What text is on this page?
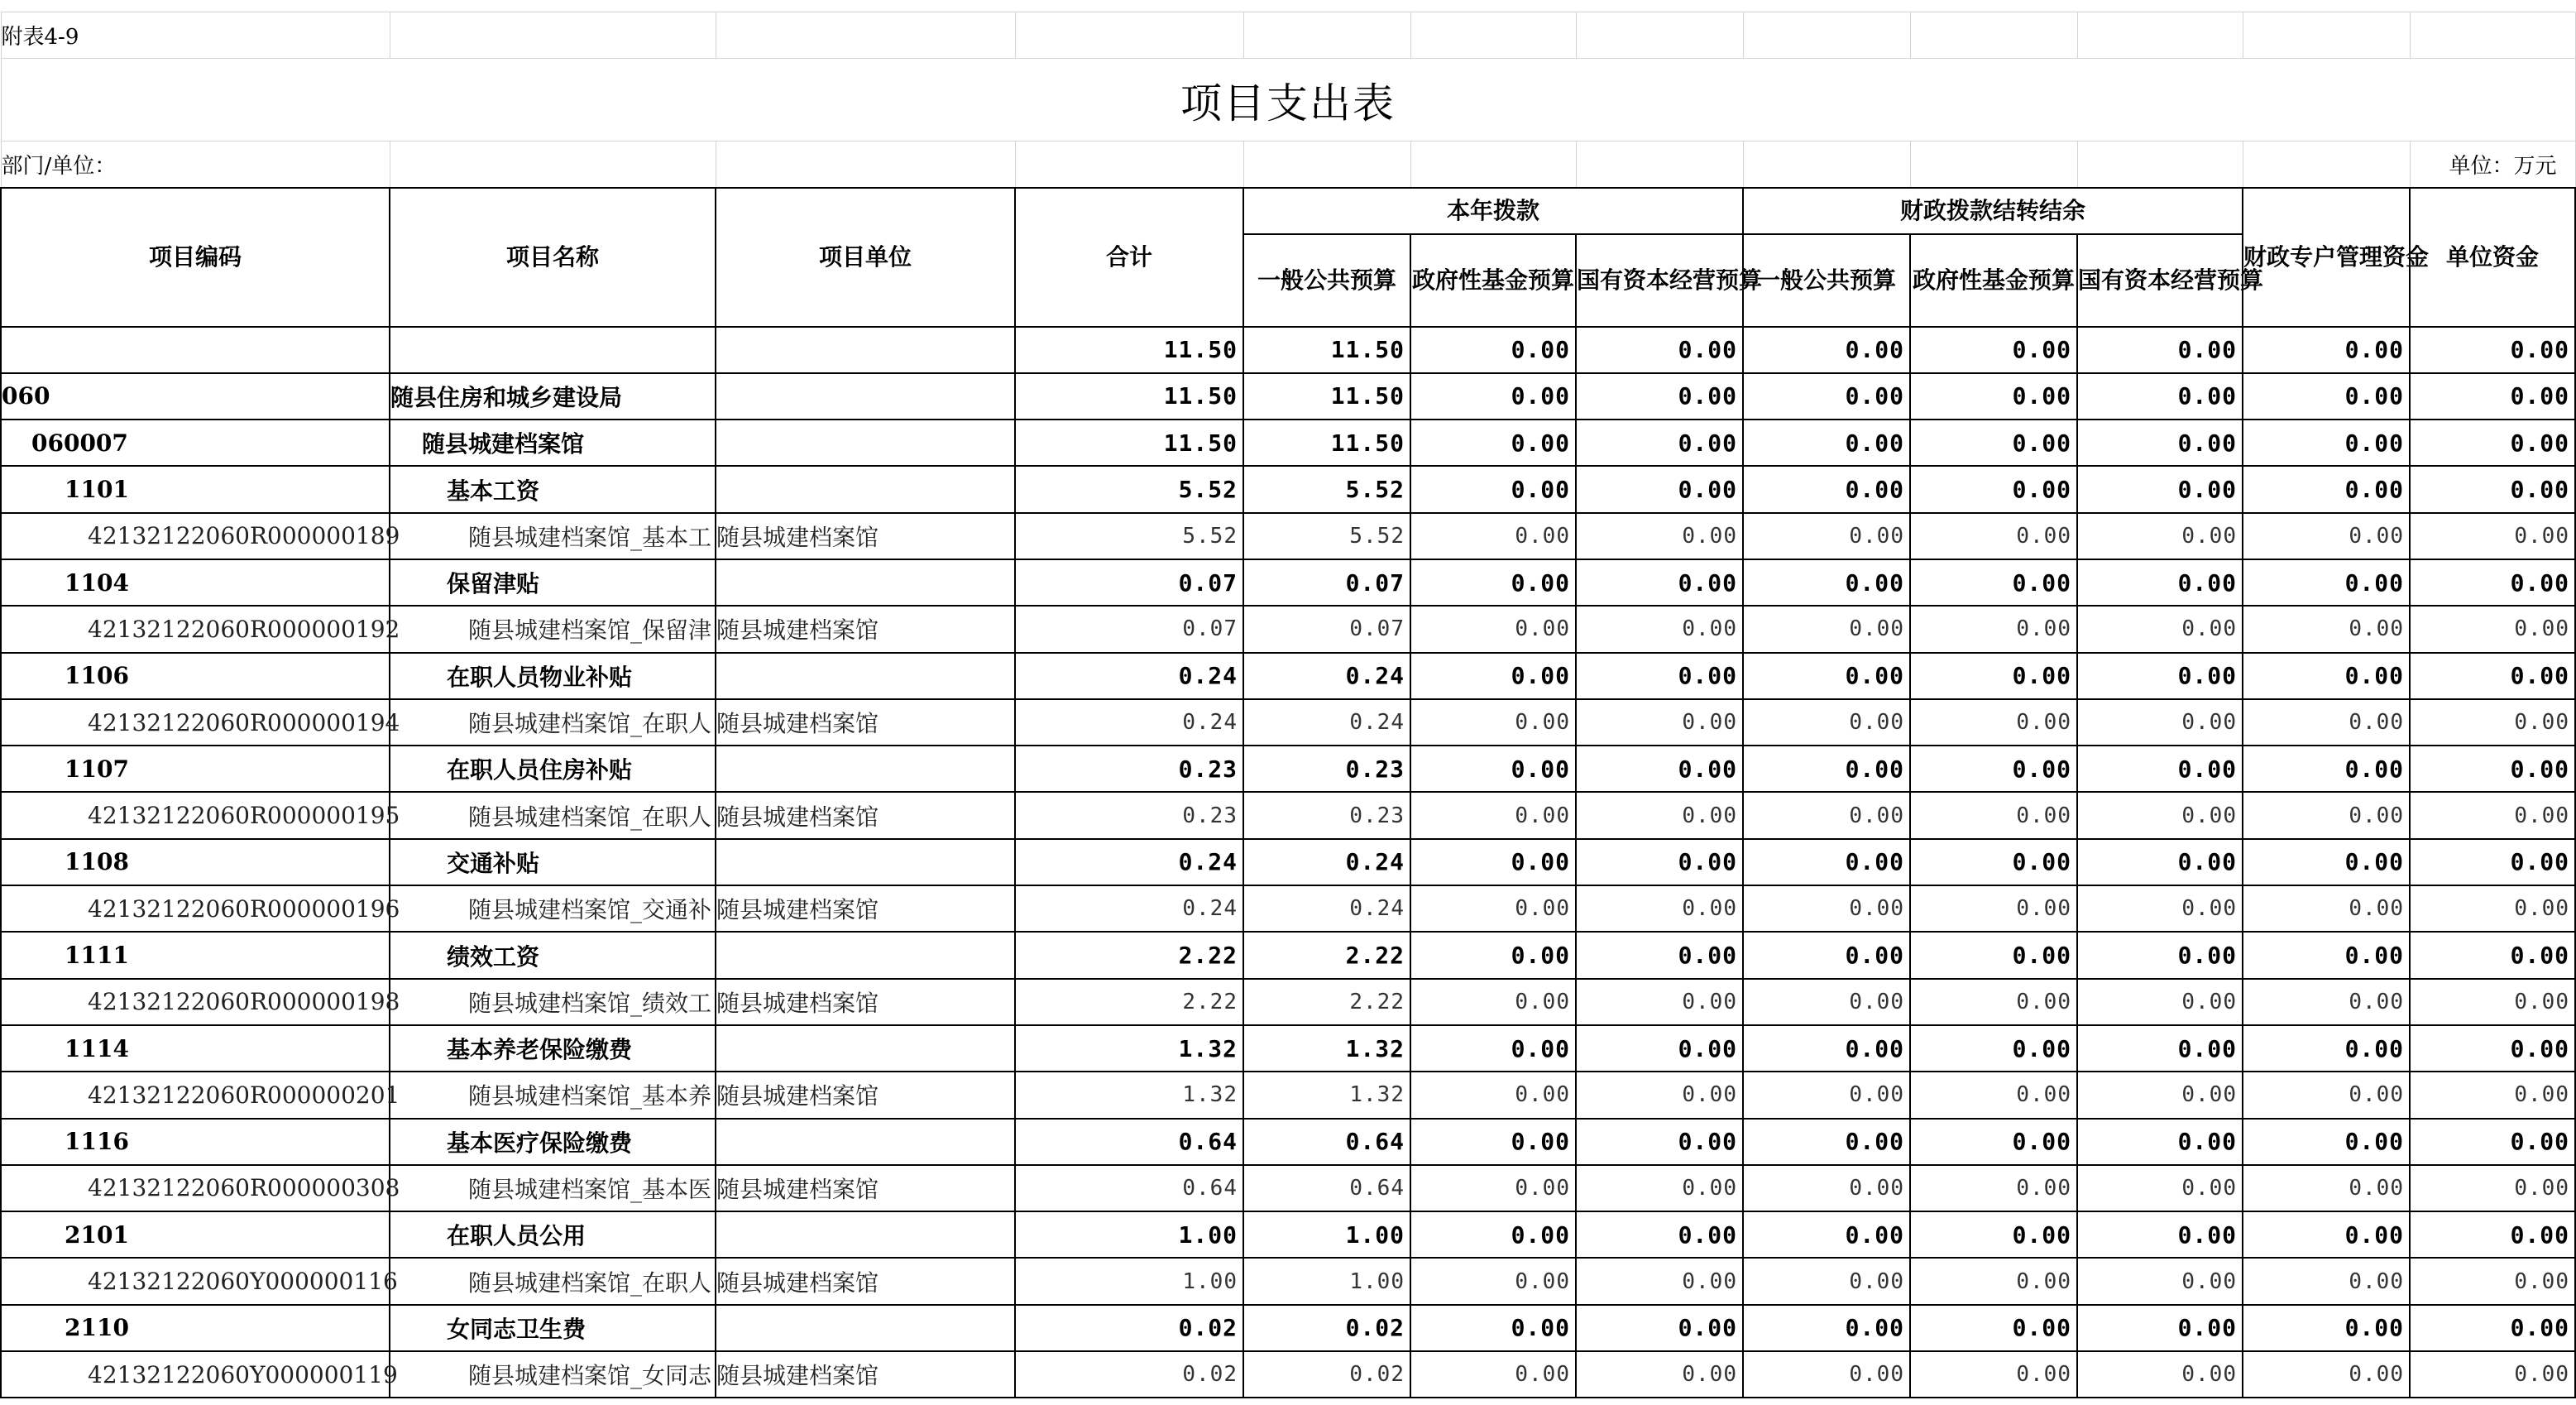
附表4-9											
项目支出表											
部门/单位：											单位：万元
项目编码	项目名称	项目单位	合计	本年拨款			财政拨款结转结余			财政专户管理资金	单位资金
				一般公共预算	政府性基金预算	国有资本经营预算	一般公共预算	政府性基金预算	国有资本经营预算		
			11.50	11.50	0.00	0.00	0.00	0.00	0.00	0.00	0.00
060	随县住房和城乡建设局		11.50	11.50	0.00	0.00	0.00	0.00	0.00	0.00	0.00
060007	随县城建档案馆		11.50	11.50	0.00	0.00	0.00	0.00	0.00	0.00	0.00
1101	基本工资		5.52	5.52	0.00	0.00	0.00	0.00	0.00	0.00	0.00
42132122060R000000189	随县城建档案馆_基本工	随县城建档案馆	5.52	5.52	0.00	0.00	0.00	0.00	0.00	0.00	0.00
1104	保留津贴		0.07	0.07	0.00	0.00	0.00	0.00	0.00	0.00	0.00
42132122060R000000192	随县城建档案馆_保留津	随县城建档案馆	0.07	0.07	0.00	0.00	0.00	0.00	0.00	0.00	0.00
1106	在职人员物业补贴		0.24	0.24	0.00	0.00	0.00	0.00	0.00	0.00	0.00
42132122060R000000194	随县城建档案馆_在职人	随县城建档案馆	0.24	0.24	0.00	0.00	0.00	0.00	0.00	0.00	0.00
1107	在职人员住房补贴		0.23	0.23	0.00	0.00	0.00	0.00	0.00	0.00	0.00
42132122060R000000195	随县城建档案馆_在职人	随县城建档案馆	0.23	0.23	0.00	0.00	0.00	0.00	0.00	0.00	0.00
1108	交通补贴		0.24	0.24	0.00	0.00	0.00	0.00	0.00	0.00	0.00
42132122060R000000196	随县城建档案馆_交通补	随县城建档案馆	0.24	0.24	0.00	0.00	0.00	0.00	0.00	0.00	0.00
1111	绩效工资		2.22	2.22	0.00	0.00	0.00	0.00	0.00	0.00	0.00
42132122060R000000198	随县城建档案馆_绩效工	随县城建档案馆	2.22	2.22	0.00	0.00	0.00	0.00	0.00	0.00	0.00
1114	基本养老保险缴费		1.32	1.32	0.00	0.00	0.00	0.00	0.00	0.00	0.00
42132122060R000000201	随县城建档案馆_基本养	随县城建档案馆	1.32	1.32	0.00	0.00	0.00	0.00	0.00	0.00	0.00
1116	基本医疗保险缴费		0.64	0.64	0.00	0.00	0.00	0.00	0.00	0.00	0.00
42132122060R000000308	随县城建档案馆_基本医	随县城建档案馆	0.64	0.64	0.00	0.00	0.00	0.00	0.00	0.00	0.00
2101	在职人员公用		1.00	1.00	0.00	0.00	0.00	0.00	0.00	0.00	0.00
42132122060Y000000116	随县城建档案馆_在职人	随县城建档案馆	1.00	1.00	0.00	0.00	0.00	0.00	0.00	0.00	0.00
2110	女同志卫生费		0.02	0.02	0.00	0.00	0.00	0.00	0.00	0.00	0.00
42132122060Y000000119	随县城建档案馆_女同志	随县城建档案馆	0.02	0.02	0.00	0.00	0.00	0.00	0.00	0.00	0.00
